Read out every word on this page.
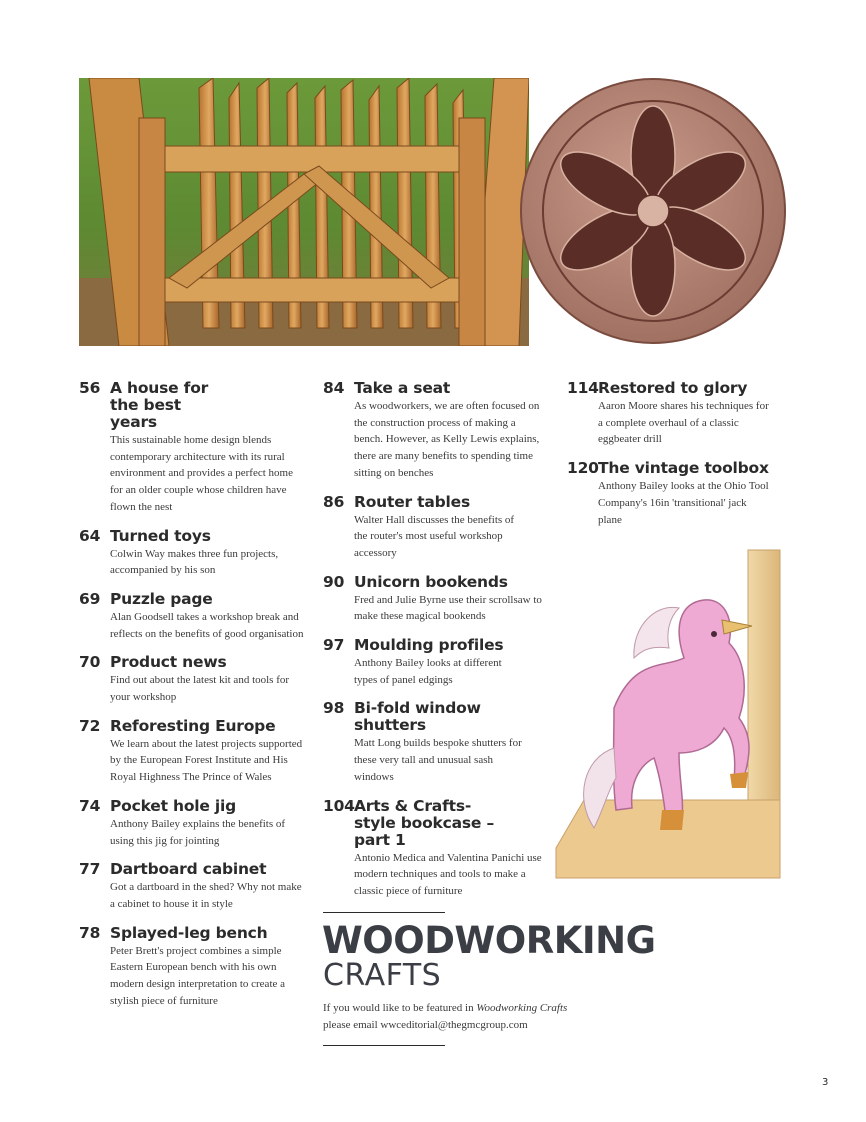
56 A house for the best years
This sustainable home design blends contemporary architecture with its rural environment and provides a perfect home for an older couple whose children have flown the nest
64 Turned toys
Colwin Way makes three fun projects, accompanied by his son
69 Puzzle page
Alan Goodsell takes a workshop break and reflects on the benefits of good organisation
70 Product news
Find out about the latest kit and tools for your workshop
72 Reforesting Europe
We learn about the latest projects supported by the European Forest Institute and His Royal Highness The Prince of Wales
74 Pocket hole jig
Anthony Bailey explains the benefits of using this jig for jointing
77 Dartboard cabinet
Got a dartboard in the shed? Why not make a cabinet to house it in style
78 Splayed-leg bench
Peter Brett's project combines a simple Eastern European bench with his own modern design interpretation to create a stylish piece of furniture
84 Take a seat
As woodworkers, we are often focused on the construction process of making a bench. However, as Kelly Lewis explains, there are many benefits to spending time sitting on benches
86 Router tables
Walter Hall discusses the benefits of the router's most useful workshop accessory
90 Unicorn bookends
Fred and Julie Byrne use their scrollsaw to make these magical bookends
97 Moulding profiles
Anthony Bailey looks at different types of panel edgings
98 Bi-fold window shutters
Matt Long builds bespoke shutters for these very tall and unusual sash windows
104 Arts & Crafts-style bookcase – part 1
Antonio Medica and Valentina Panichi use modern techniques and tools to make a classic piece of furniture
114 Restored to glory
Aaron Moore shares his techniques for a complete overhaul of a classic eggbeater drill
120 The vintage toolbox
Anthony Bailey looks at the Ohio Tool Company's 16in 'transitional' jack plane
WOODWORKING
CRAFTS
If you would like to be featured in Woodworking Crafts
please email wwceditorial@thegmcgroup.com
3
